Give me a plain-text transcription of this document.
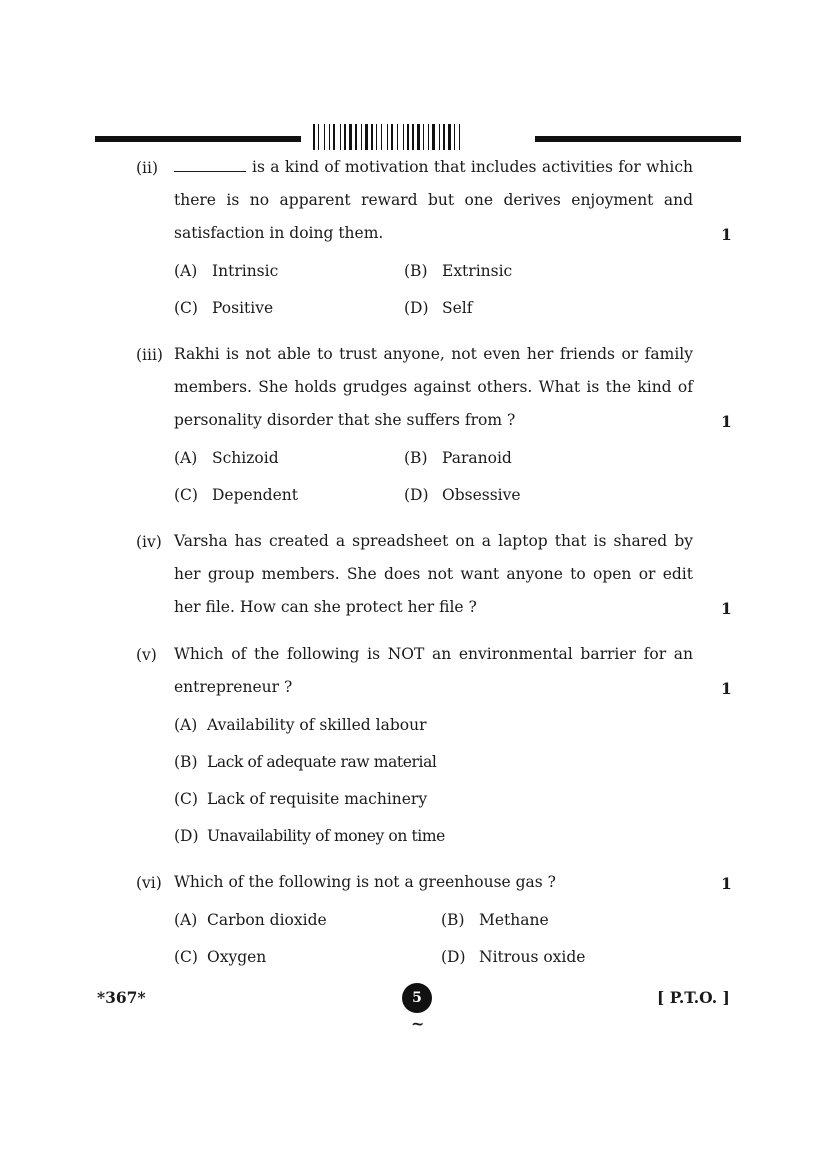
(ii)	is a kind of motivation that includes activities for which there is no apparent reward but one derives enjoyment and satisfaction in doing them.	1
(A) Intrinsic	(B) Extrinsic
(C) Positive	(D) Self
(iii) Rakhi is not able to trust anyone, not even her friends or family members. She holds grudges against others. What is the kind of personality disorder that she suffers from ?	1
(A) Schizoid	(B) Paranoid
(C) Dependent	(D) Obsessive
(iv) Varsha has created a spreadsheet on a laptop that is shared by her group members. She does not want anyone to open or edit her file. How can she protect her file ?	1
(v) Which of the following is NOT an environmental barrier for an entrepreneur ?	1
(A) Availability of skilled labour
(B) Lack of adequate raw material
(C) Lack of requisite machinery
(D) Unavailability of money on time
(vi) Which of the following is not a greenhouse gas ?	1
(A) Carbon dioxide	(B) Methane
(C) Oxygen	(D) Nitrous oxide
*367*	5	[ P.T.O. ]
~
